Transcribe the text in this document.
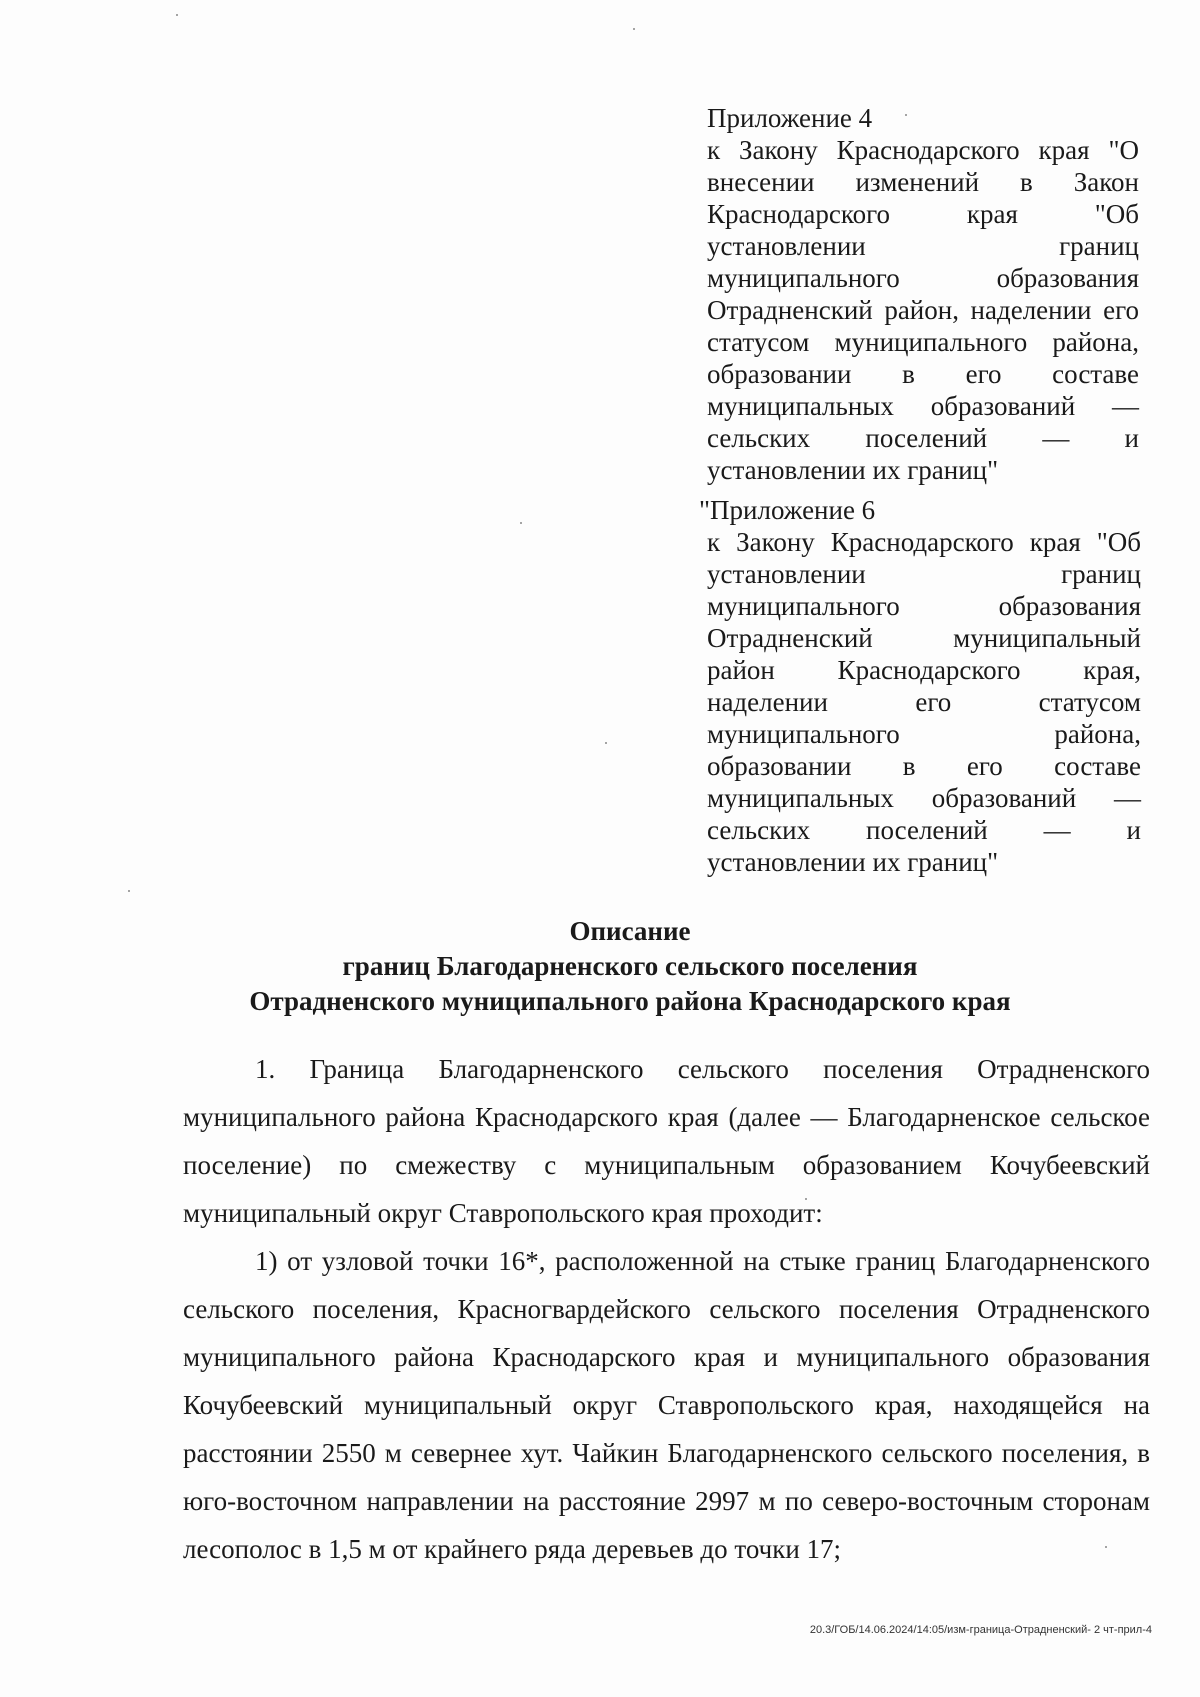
Приложение 4

к Закону Краснодарского края "О внесении изменений в Закон Краснодарского края "Об установлении границ муниципального образования Отрадненский район, наделении его статусом муниципального района, образовании в его составе муниципальных образований — сельских поселений — и установлении их границ"

"Приложение 6

к Закону Краснодарского края "Об установлении границ муниципального образования Отрадненский муниципальный район Краснодарского края, наделении его статусом муниципального района, образовании в его составе муниципальных образований — сельских поселений — и установлении их границ"

Описание
границ Благодарненского сельского поселения
Отрадненского муниципального района Краснодарского края

1. Граница Благодарненского сельского поселения Отрадненского муниципального района Краснодарского края (далее — Благодарненское сельское поселение) по смежеству с муниципальным образованием Кочубеевский муниципальный округ Ставропольского края проходит:

1) от узловой точки 16*, расположенной на стыке границ Благодарненского сельского поселения, Красногвардейского сельского поселения Отрадненского муниципального района Краснодарского края и муниципального образования Кочубеевский муниципальный округ Ставропольского края, находящейся на расстоянии 2550 м севернее хут. Чайкин Благодарненского сельского поселения, в юго-восточном направлении на расстояние 2997 м по северо-восточным сторонам лесополос в 1,5 м от крайнего ряда деревьев до точки 17;

20.3/ГОБ/14.06.2024/14:05/изм-граница-Отрадненский- 2 чт-прил-4
